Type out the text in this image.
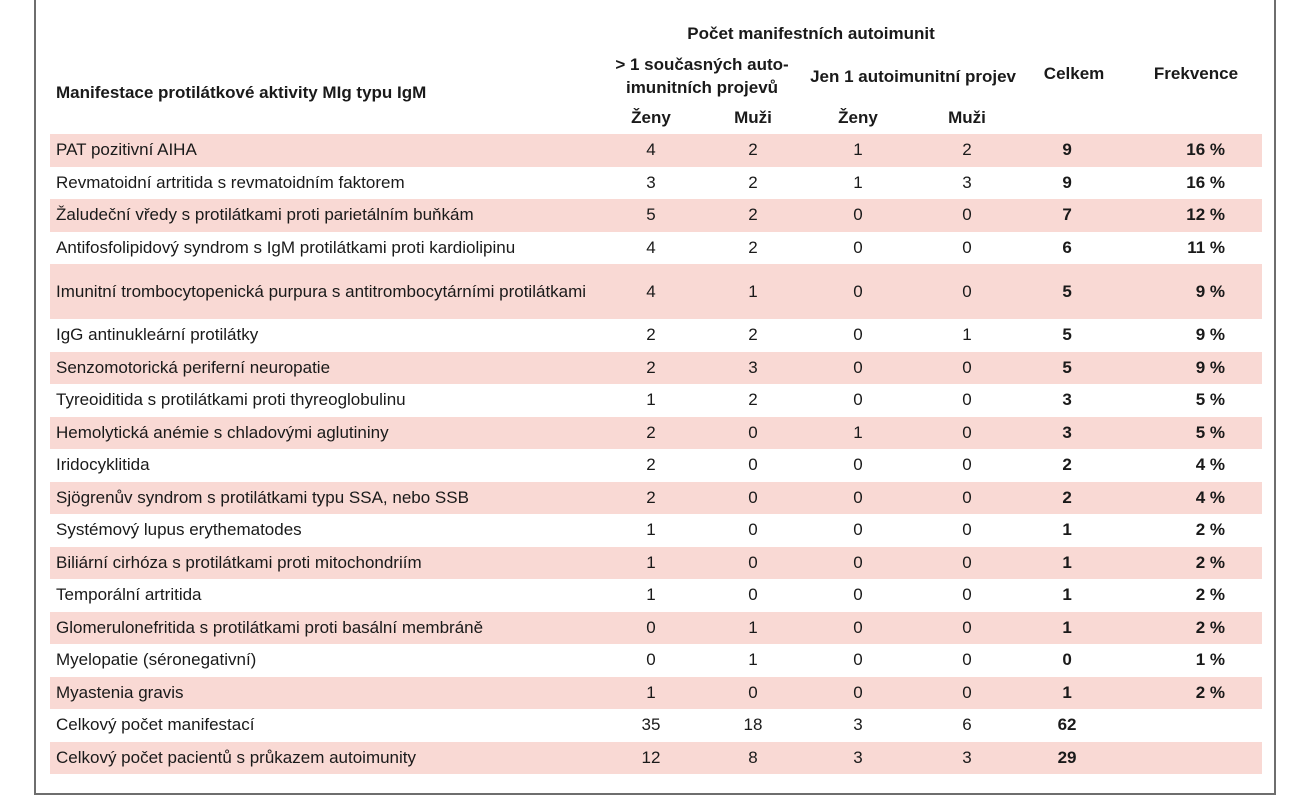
	Počet manifestních autoimunit					
Manifestace protilátkové aktivity MIg typu IgM	> 1 současných auto-imunitních projevů		Jen 1 autoimunitní projev		Celkem	Frekvence
	Ženy	Muži	Ženy	Muži		
PAT pozitivní AIHA	4	2	1	2	9	16 %
Revmatoidní artritida s revmatoidním faktorem	3	2	1	3	9	16 %
Žaludeční vředy s protilátkami proti parietálním buňkám	5	2	0	0	7	12 %
Antifosfolipidový syndrom s IgM protilátkami proti kardiolipinu	4	2	0	0	6	11 %
Imunitní trombocytopenická purpura s antitrombocytárními protilátkami	4	1	0	0	5	9 %
IgG antinukleární protilátky	2	2	0	1	5	9 %
Senzomotorická periferní neuropatie	2	3	0	0	5	9 %
Tyreoiditida s protilátkami proti thyreoglobulinu	1	2	0	0	3	5 %
Hemolytická anémie s chladovými aglutininy	2	0	1	0	3	5 %
Iridocyklitida	2	0	0	0	2	4 %
Sjögrenův syndrom s protilátkami typu SSA, nebo SSB	2	0	0	0	2	4 %
Systémový lupus erythematodes	1	0	0	0	1	2 %
Biliární cirhóza s protilátkami proti mitochondriím	1	0	0	0	1	2 %
Temporální artritida	1	0	0	0	1	2 %
Glomerulonefritida s protilátkami proti basální membráně	0	1	0	0	1	2 %
Myelopatie (séronegativní)	0	1	0	0	0	1 %
Myastenia gravis	1	0	0	0	1	2 %
Celkový počet manifestací	35	18	3	6	62	
Celkový počet pacientů s průkazem autoimunity	12	8	3	3	29	
